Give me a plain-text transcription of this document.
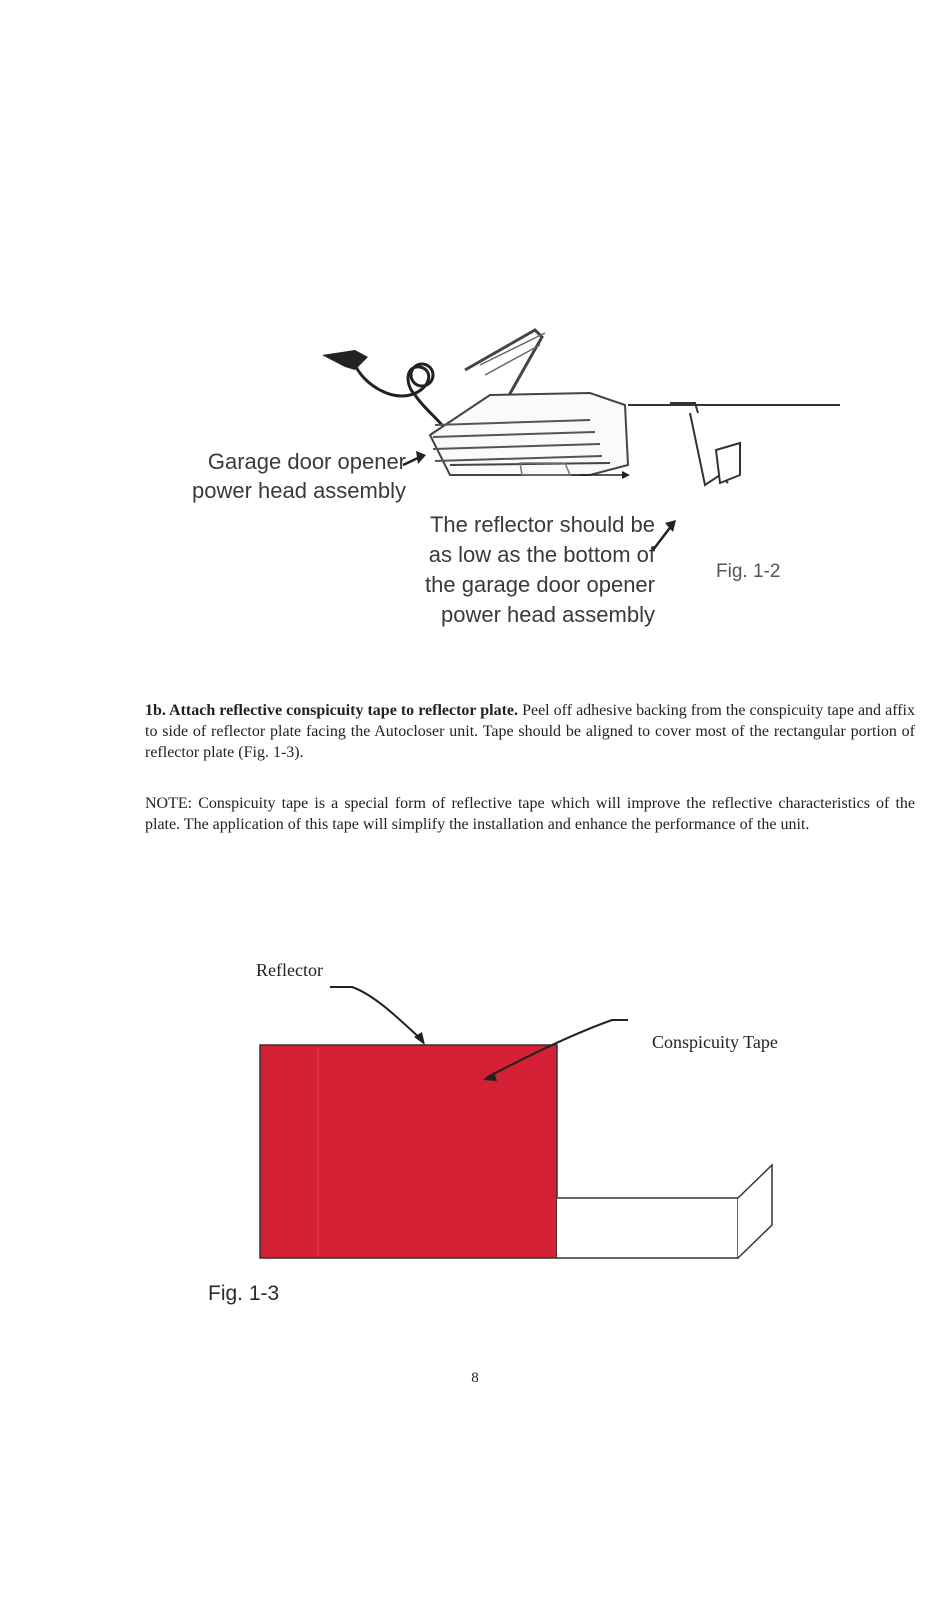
Garage door opener
power head assembly
The reflector should be
as low as the bottom of
the garage door opener
power head assembly
Fig. 1-2

1b. Attach reflective conspicuity tape to reflector plate. Peel off adhesive backing from the conspicuity tape and affix to side of reflector plate facing the Autocloser unit. Tape should be aligned to cover most of the rectangular portion of reflector plate (Fig. 1-3).

NOTE: Conspicuity tape is a special form of reflective tape which will improve the reflective characteristics of the plate. The application of this tape will simplify the installation and enhance the performance of the unit.

Reflector
Conspicuity Tape
Fig. 1-3
8
